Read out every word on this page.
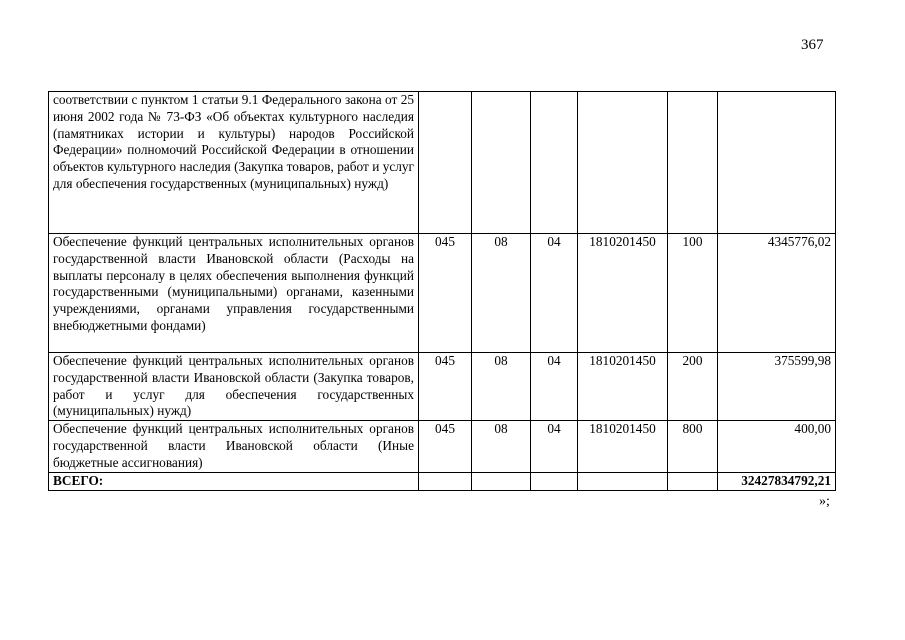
367
соответствии с пунктом 1 статьи 9.1 Федерального закона от 25 июня 2002 года № 73-ФЗ «Об объектах культурного наследия (памятниках истории и культуры) народов Российской Федерации» полномочий Российской Федерации в отношении объектов культурного наследия (Закупка товаров, работ и услуг для обеспечения государственных (муниципальных) нужд)						
Обеспечение функций центральных исполнительных органов государственной власти Ивановской области (Расходы на выплаты персоналу в целях обеспечения выполнения функций государственными (муниципальными) органами, казенными учреждениями, органами управления государственными внебюджетными фондами)	045	08	04	1810201450	100	4345776,02
Обеспечение функций центральных исполнительных органов государственной власти Ивановской области (Закупка товаров, работ и услуг для обеспечения государственных (муниципальных) нужд)	045	08	04	1810201450	200	375599,98
Обеспечение функций центральных исполнительных органов государственной власти Ивановской области (Иные бюджетные ассигнования)	045	08	04	1810201450	800	400,00
ВСЕГО:						32427834792,21
»;
